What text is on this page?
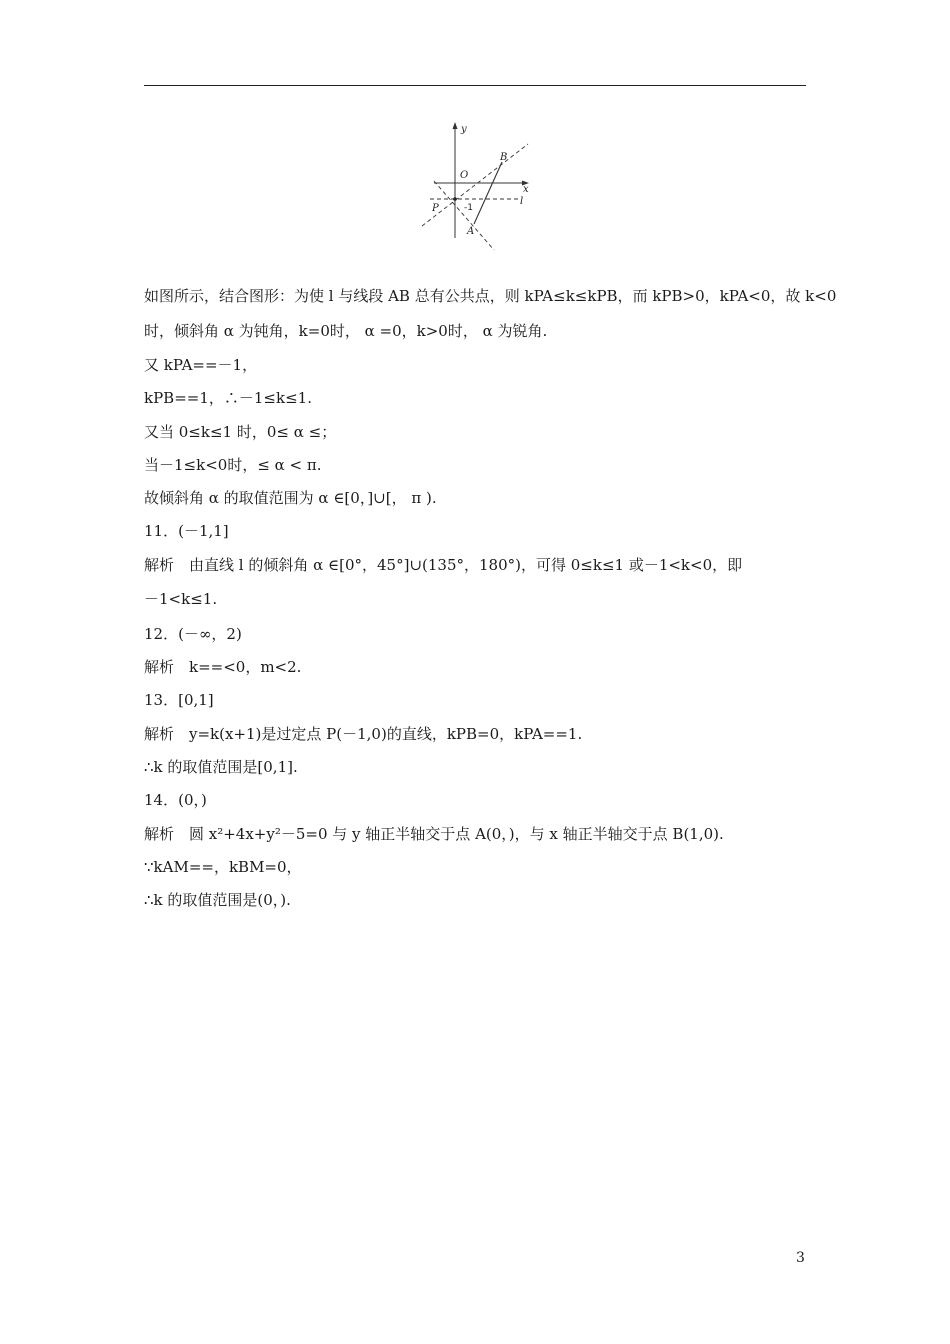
y
x
O
B
P	-1
l
A
如图所示，结合图形：为使 l 与线段 AB 总有公共点，则 kPA≤k≤kPB，而 kPB>0，kPA<0，故 k<0
时，倾斜角 α 为钝角，k=0时， α =0，k>0时， α 为锐角.
又 kPA==－1，
kPB==1，∴－1≤k≤1.
又当 0≤k≤1 时，0≤ α ≤；
当－1≤k<0时，≤ α < π.
故倾斜角 α 的取值范围为 α ∈[0，]∪[， π ).
11．(－1,1]
解析　由直线 l 的倾斜角 α ∈[0°，45°]∪(135°，180°)，可得 0≤k≤1 或－1<k<0，即
－1<k≤1.
12．(－∞，2)
解析　k==<0，m<2.
13．[0,1]
解析　y=k(x+1)是过定点 P(－1,0)的直线，kPB=0，kPA==1.
∴k 的取值范围是[0,1].
14．(0，)
解析　圆 x²+4x+y²－5=0 与 y 轴正半轴交于点 A(0，)，与 x 轴正半轴交于点 B(1,0).
∵kAM==，kBM=0，
∴k 的取值范围是(0，).
3
